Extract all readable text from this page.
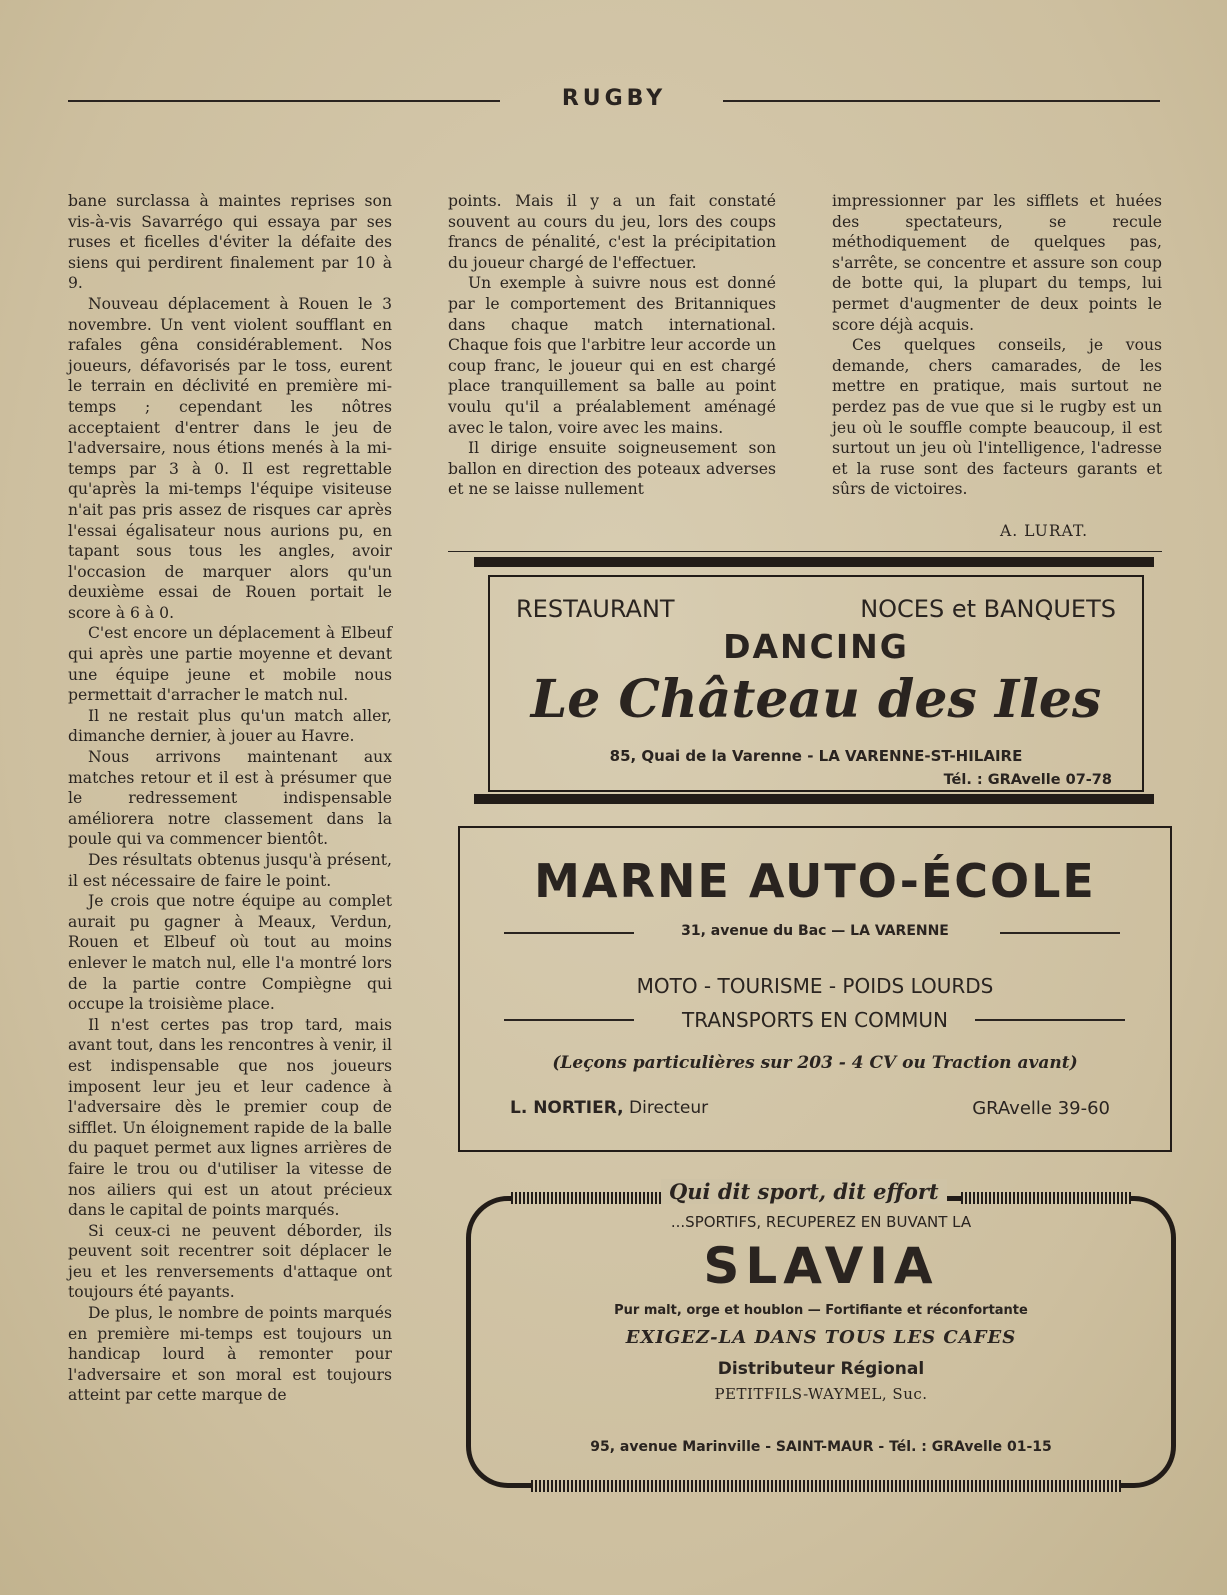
RUGBY

bane surclassa à maintes reprises son vis-à-vis Savarrégo qui essaya par ses ruses et ficelles d'éviter la défaite des siens qui perdirent finalement par 10 à 9.

Nouveau déplacement à Rouen le 3 novembre. Un vent violent soufflant en rafales gêna considérablement. Nos joueurs, défavorisés par le toss, eurent le terrain en déclivité en première mi-temps ; cependant les nôtres acceptaient d'entrer dans le jeu de l'adversaire, nous étions menés à la mi-temps par 3 à 0. Il est regrettable qu'après la mi-temps l'équipe visiteuse n'ait pas pris assez de risques car après l'essai égalisateur nous aurions pu, en tapant sous tous les angles, avoir l'occasion de marquer alors qu'un deuxième essai de Rouen portait le score à 6 à 0.

C'est encore un déplacement à Elbeuf qui après une partie moyenne et devant une équipe jeune et mobile nous permettait d'arracher le match nul.

Il ne restait plus qu'un match aller, dimanche dernier, à jouer au Havre.

Nous arrivons maintenant aux matches retour et il est à présumer que le redressement indispensable améliorera notre classement dans la poule qui va commencer bientôt.

Des résultats obtenus jusqu'à présent, il est nécessaire de faire le point.

Je crois que notre équipe au complet aurait pu gagner à Meaux, Verdun, Rouen et Elbeuf où tout au moins enlever le match nul, elle l'a montré lors de la partie contre Compiègne qui occupe la troisième place.

Il n'est certes pas trop tard, mais avant tout, dans les rencontres à venir, il est indispensable que nos joueurs imposent leur jeu et leur cadence à l'adversaire dès le premier coup de sifflet. Un éloignement rapide de la balle du paquet permet aux lignes arrières de faire le trou ou d'utiliser la vitesse de nos ailiers qui est un atout précieux dans le capital de points marqués.

Si ceux-ci ne peuvent déborder, ils peuvent soit recentrer soit déplacer le jeu et les renversements d'attaque ont toujours été payants.

De plus, le nombre de points marqués en première mi-temps est toujours un handicap lourd à remonter pour l'adversaire et son moral est toujours atteint par cette marque de

points. Mais il y a un fait constaté souvent au cours du jeu, lors des coups francs de pénalité, c'est la précipitation du joueur chargé de l'effectuer.

Un exemple à suivre nous est donné par le comportement des Britanniques dans chaque match international. Chaque fois que l'arbitre leur accorde un coup franc, le joueur qui en est chargé place tranquillement sa balle au point voulu qu'il a préalablement aménagé avec le talon, voire avec les mains.

Il dirige ensuite soigneusement son ballon en direction des poteaux adverses et ne se laisse nullement

impressionner par les sifflets et huées des spectateurs, se recule méthodiquement de quelques pas, s'arrête, se concentre et assure son coup de botte qui, la plupart du temps, lui permet d'augmenter de deux points le score déjà acquis.

Ces quelques conseils, je vous demande, chers camarades, de les mettre en pratique, mais surtout ne perdez pas de vue que si le rugby est un jeu où le souffle compte beaucoup, il est surtout un jeu où l'intelligence, l'adresse et la ruse sont des facteurs garants et sûrs de victoires.

A. LURAT.
RESTAURANT	NOCES et BANQUETS
DANCING
Le Château des Iles
85, Quai de la Varenne - LA VARENNE-ST-HILAIRE
Tél. : GRAvelle 07-78
MARNE AUTO-ÉCOLE
31, avenue du Bac — LA VARENNE
MOTO - TOURISME - POIDS LOURDS
TRANSPORTS EN COMMUN
(Leçons particulières sur 203 - 4 CV ou Traction avant)
L. NORTIER, Directeur	GRAvelle 39-60
Qui dit sport, dit effort
...SPORTIFS, RECUPEREZ EN BUVANT LA
SLAVIA
Pur malt, orge et houblon — Fortifiante et réconfortante
EXIGEZ-LA DANS TOUS LES CAFES
Distributeur Régional
PETITFILS-WAYMEL, Suc.
95, avenue Marinville - SAINT-MAUR - Tél. : GRAvelle 01-15
